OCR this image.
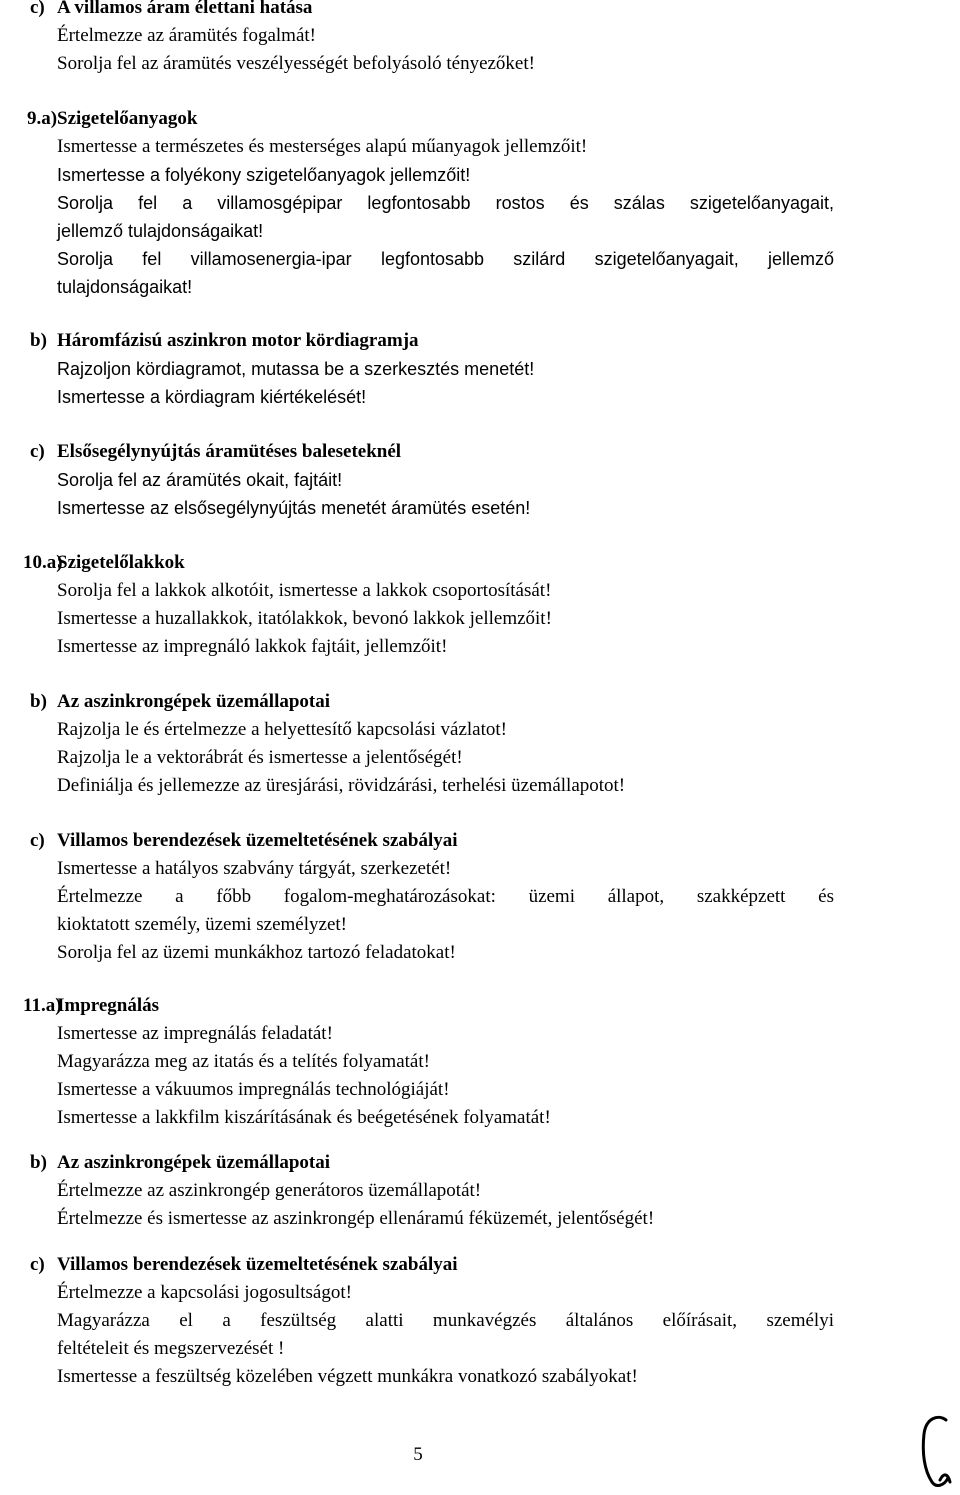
c) A villamos áram élettani hatása
Értelmezze az áramütés fogalmát!
Sorolja fel az áramütés veszélyességét befolyásoló tényezőket!
9.a) Szigetelőanyagok
Ismertesse a természetes és mesterséges alapú műanyagok jellemzőit!
Ismertesse a folyékony szigetelőanyagok jellemzőit!
Sorolja fel a villamosgépipar legfontosabb rostos és szálas szigetelőanyagait,
jellemző tulajdonságaikat!
Sorolja fel villamosenergia-ipar legfontosabb szilárd szigetelőanyagait, jellemző
tulajdonságaikat!
b) Háromfázisú aszinkron motor kördiagramja
Rajzoljon kördiagramot, mutassa be a szerkesztés menetét!
Ismertesse a kördiagram kiértékelését!
c) Elsősegélynyújtás áramütéses baleseteknél
Sorolja fel az áramütés okait, fajtáit!
Ismertesse az elsősegélynyújtás menetét áramütés esetén!
10.a)
Szigetelőlakkok
Sorolja fel a lakkok alkotóit, ismertesse a lakkok csoportosítását!
Ismertesse a huzallakkok, itatólakkok, bevonó lakkok jellemzőit!
Ismertesse az impregnáló lakkok fajtáit, jellemzőit!
b) Az aszinkrongépek üzemállapotai
Rajzolja le és értelmezze a helyettesítő kapcsolási vázlatot!
Rajzolja le a vektorábrát és ismertesse a jelentőségét!
Definiálja és jellemezze az üresjárási, rövidzárási, terhelési üzemállapotot!
c) Villamos berendezések üzemeltetésének szabályai
Ismertesse a hatályos szabvány tárgyát, szerkezetét!
Értelmezze a főbb fogalom-meghatározásokat: üzemi állapot, szakképzett és
kioktatott személy, üzemi személyzet!
Sorolja fel az üzemi munkákhoz tartozó feladatokat!
11.a)
Impregnálás
Ismertesse az impregnálás feladatát!
Magyarázza meg az itatás és a telítés folyamatát!
Ismertesse a vákuumos impregnálás technológiáját!
Ismertesse a lakkfilm kiszárításának és beégetésének folyamatát!
b) Az aszinkrongépek üzemállapotai
Értelmezze az aszinkrongép generátoros üzemállapotát!
Értelmezze és ismertesse az aszinkrongép ellenáramú féküzemét, jelentőségét!
c) Villamos berendezések üzemeltetésének szabályai
Értelmezze a kapcsolási jogosultságot!
Magyarázza el a feszültség alatti munkavégzés általános előírásait, személyi
feltételeit és megszervezését !
Ismertesse a feszültség közelében végzett munkákra vonatkozó szabályokat!
5
